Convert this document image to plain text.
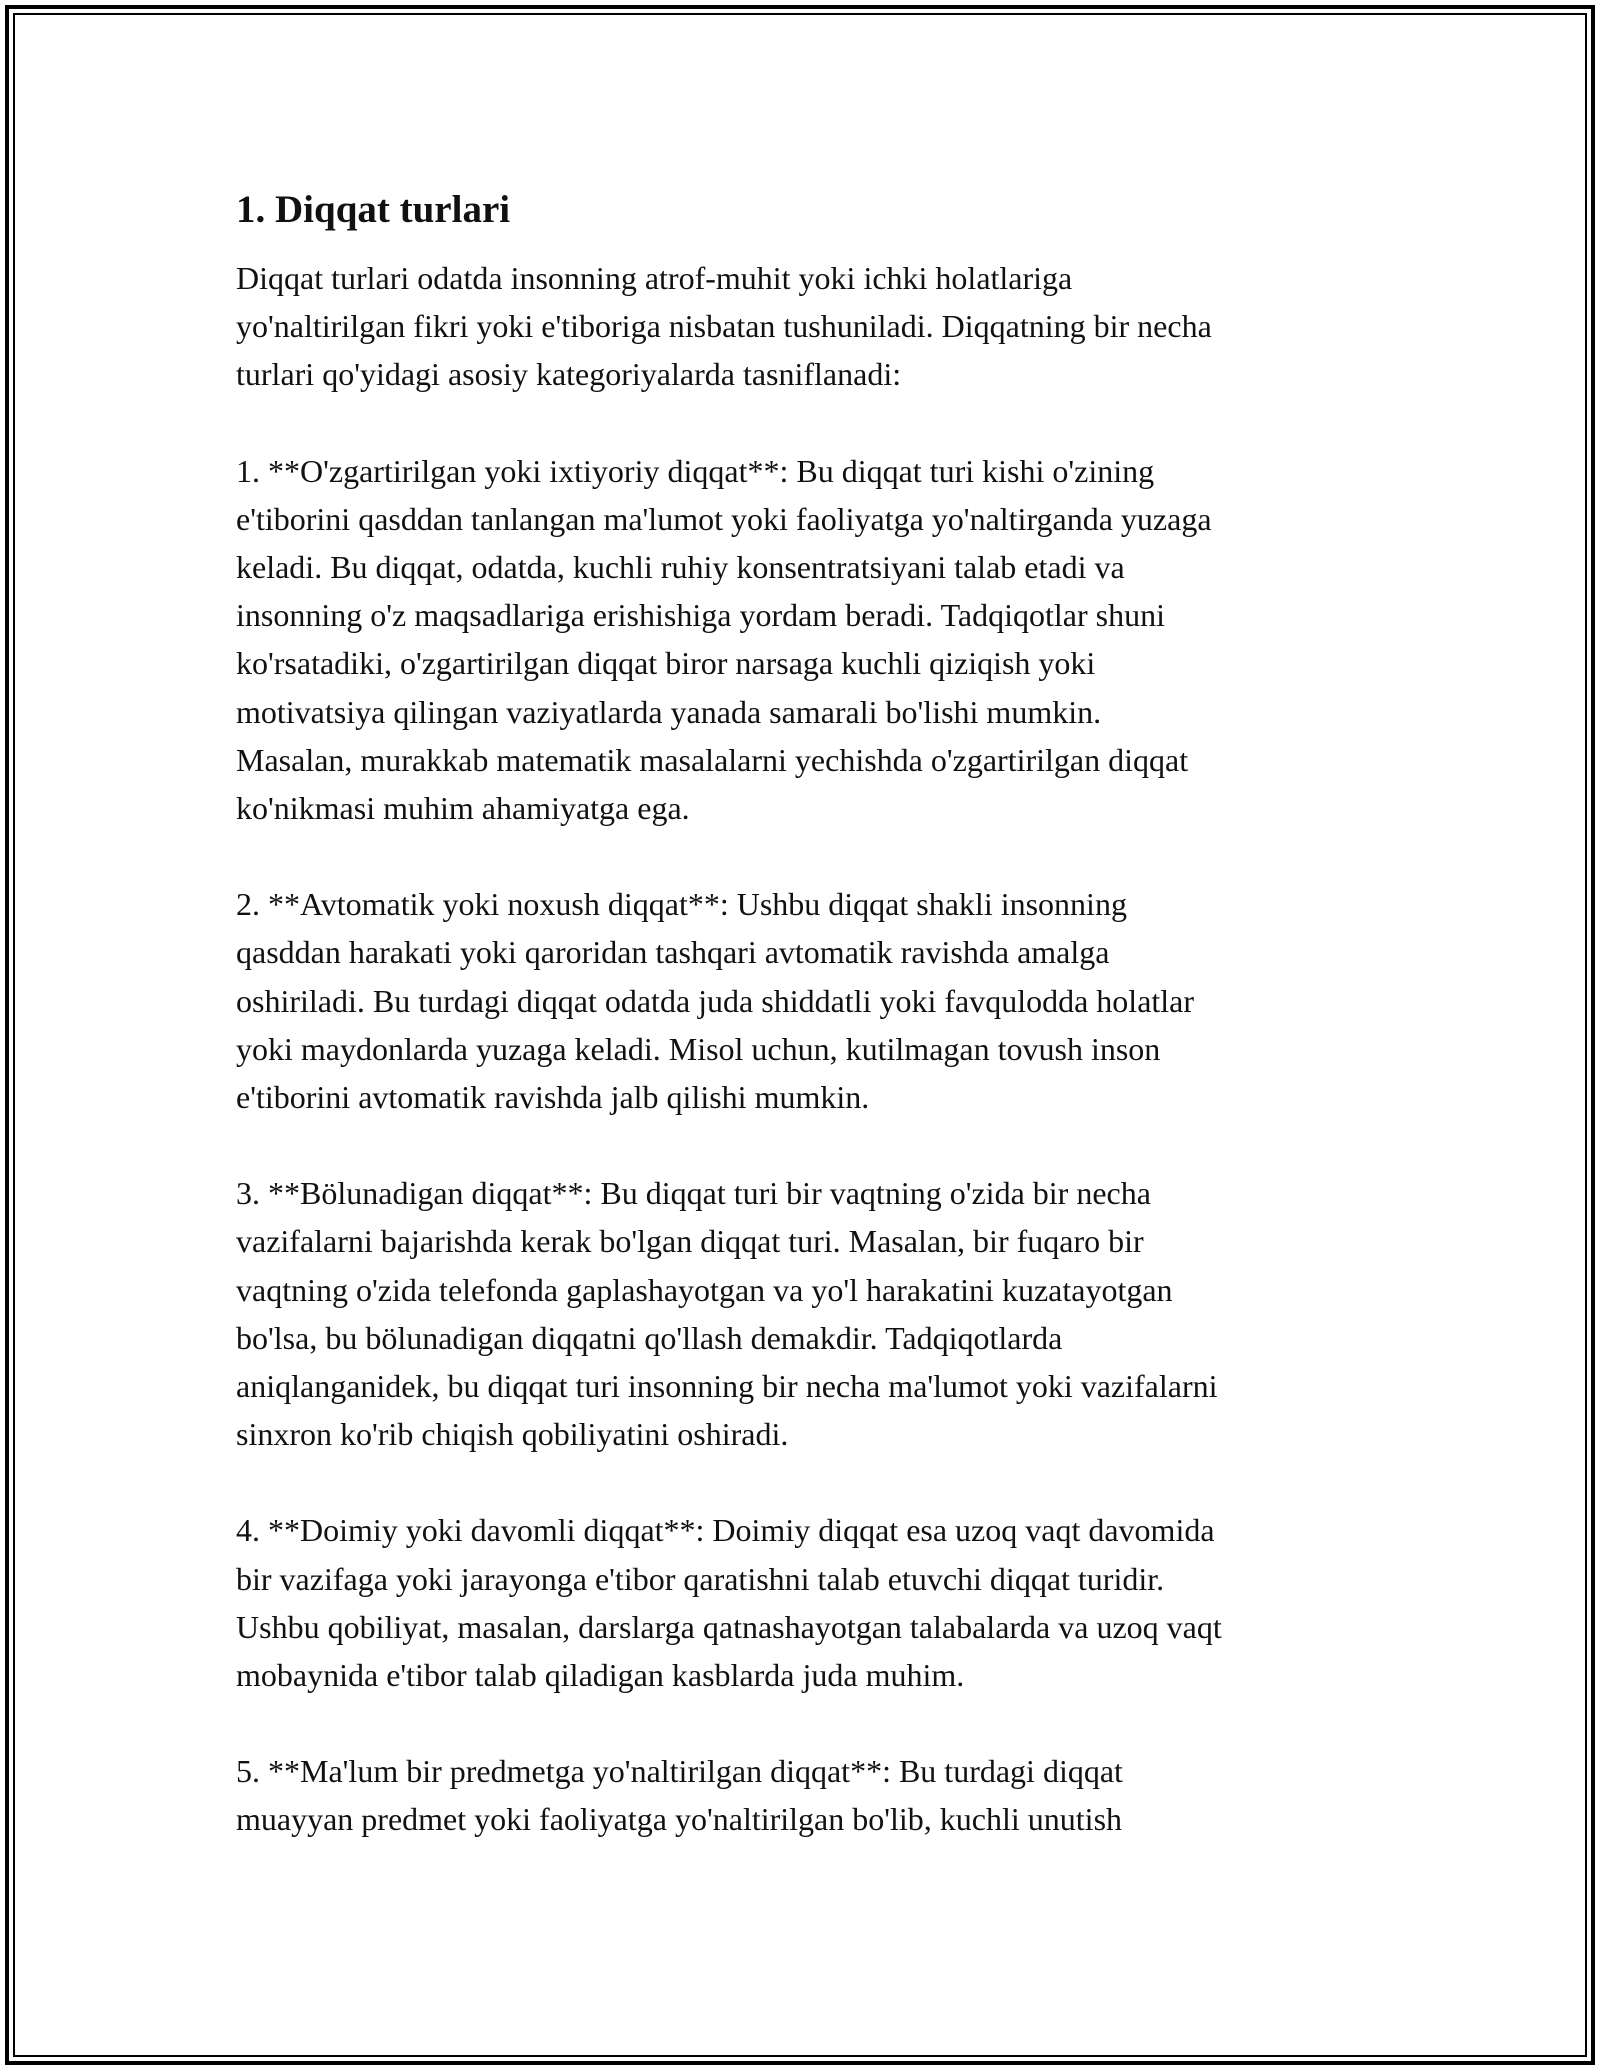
1. Diqqat turlari
Diqqat turlari odatda insonning atrof-muhit yoki ichki holatlariga
yo'naltirilgan fikri yoki e'tiboriga nisbatan tushuniladi. Diqqatning bir necha
turlari qo'yidagi asosiy kategoriyalarda tasniflanadi:
1. **O'zgartirilgan yoki ixtiyoriy diqqat**: Bu diqqat turi kishi o'zining
e'tiborini qasddan tanlangan ma'lumot yoki faoliyatga yo'naltirganda yuzaga
keladi. Bu diqqat, odatda, kuchli ruhiy konsentratsiyani talab etadi va
insonning o'z maqsadlariga erishishiga yordam beradi. Tadqiqotlar shuni
ko'rsatadiki, o'zgartirilgan diqqat biror narsaga kuchli qiziqish yoki
motivatsiya qilingan vaziyatlarda yanada samarali bo'lishi mumkin.
Masalan, murakkab matematik masalalarni yechishda o'zgartirilgan diqqat
ko'nikmasi muhim ahamiyatga ega.
2. **Avtomatik yoki noxush diqqat**: Ushbu diqqat shakli insonning
qasddan harakati yoki qaroridan tashqari avtomatik ravishda amalga
oshiriladi. Bu turdagi diqqat odatda juda shiddatli yoki favqulodda holatlar
yoki maydonlarda yuzaga keladi. Misol uchun, kutilmagan tovush inson
e'tiborini avtomatik ravishda jalb qilishi mumkin.
3. **Bölunadigan diqqat**: Bu diqqat turi bir vaqtning o'zida bir necha
vazifalarni bajarishda kerak bo'lgan diqqat turi. Masalan, bir fuqaro bir
vaqtning o'zida telefonda gaplashayotgan va yo'l harakatini kuzatayotgan
bo'lsa, bu bölunadigan diqqatni qo'llash demakdir. Tadqiqotlarda
aniqlanganidek, bu diqqat turi insonning bir necha ma'lumot yoki vazifalarni
sinxron ko'rib chiqish qobiliyatini oshiradi.
4. **Doimiy yoki davomli diqqat**: Doimiy diqqat esa uzoq vaqt davomida
bir vazifaga yoki jarayonga e'tibor qaratishni talab etuvchi diqqat turidir.
Ushbu qobiliyat, masalan, darslarga qatnashayotgan talabalarda va uzoq vaqt
mobaynida e'tibor talab qiladigan kasblarda juda muhim.
5. **Ma'lum bir predmetga yo'naltirilgan diqqat**: Bu turdagi diqqat
muayyan predmet yoki faoliyatga yo'naltirilgan bo'lib, kuchli unutish
